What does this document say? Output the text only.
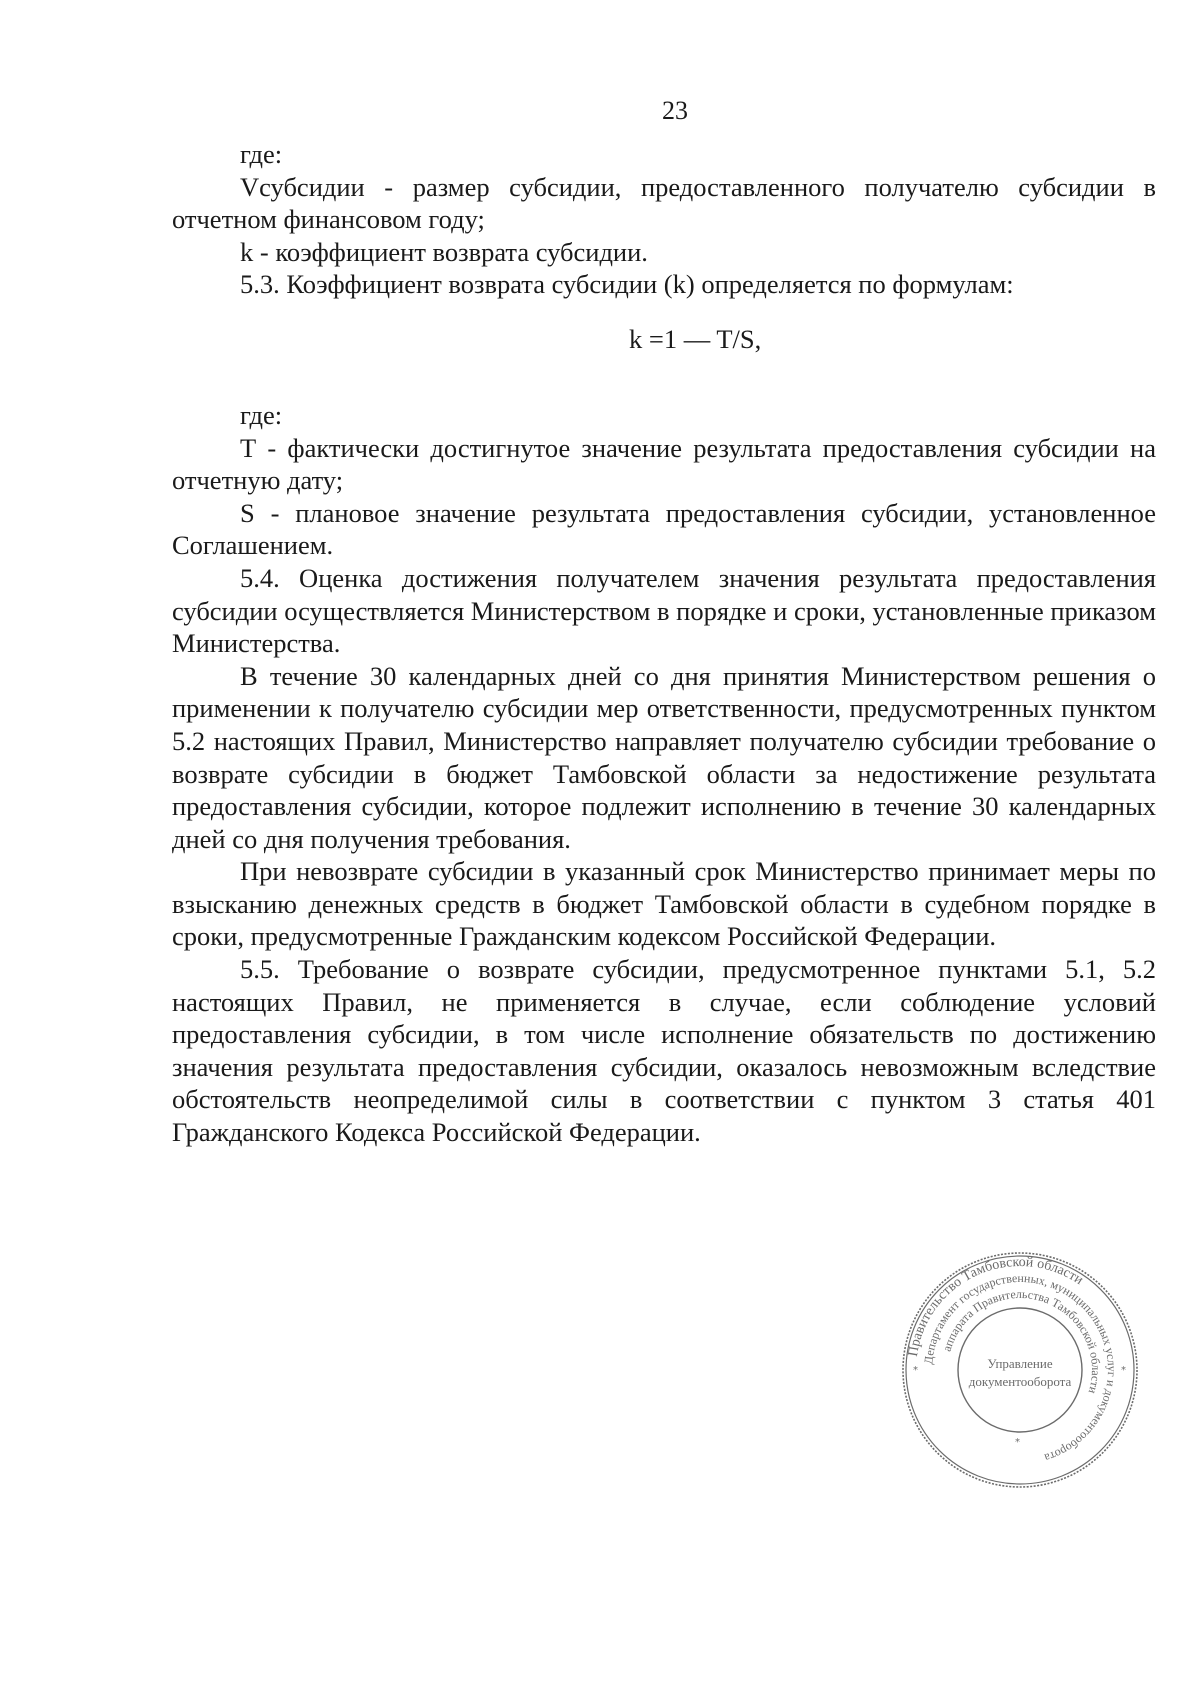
23

где:

Vсубсидии - размер субсидии, предоставленного получателю субсидии в отчетном финансовом году;

k - коэффициент возврата субсидии.

5.3. Коэффициент возврата субсидии (k) определяется по формулам:

k =1 — T/S,

где:

Т - фактически достигнутое значение результата предоставления субсидии на отчетную дату;

S - плановое значение результата предоставления субсидии, установленное Соглашением.

5.4. Оценка достижения получателем значения результата предоставления субсидии осуществляется Министерством в порядке и сроки, установленные приказом Министерства.

В течение 30 календарных дней со дня принятия Министерством решения о применении к получателю субсидии мер ответственности, предусмотренных пунктом 5.2 настоящих Правил, Министерство направляет получателю субсидии требование о возврате субсидии в бюджет Тамбовской области за недостижение результата предоставления субсидии, которое подлежит исполнению в течение 30 календарных дней со дня получения требования.

При невозврате субсидии в указанный срок Министерство принимает меры по взысканию денежных средств в бюджет Тамбовской области в судебном порядке в сроки, предусмотренные Гражданским кодексом Российской Федерации.

5.5. Требование о возврате субсидии, предусмотренное пунктами 5.1, 5.2 настоящих Правил, не применяется в случае, если соблюдение условий предоставления субсидии, в том числе исполнение обязательств по достижению значения результата предоставления субсидии, оказалось невозможным вследствие обстоятельств неопределимой силы в соответствии с пунктом 3 статья 401 Гражданского Кодекса Российской Федерации.

Правительство Тамбовской области
Департамент государственных, муниципальных услуг и документооборота
аппарата Правительства Тамбовской области
Управление
документооборота
*
*	*
